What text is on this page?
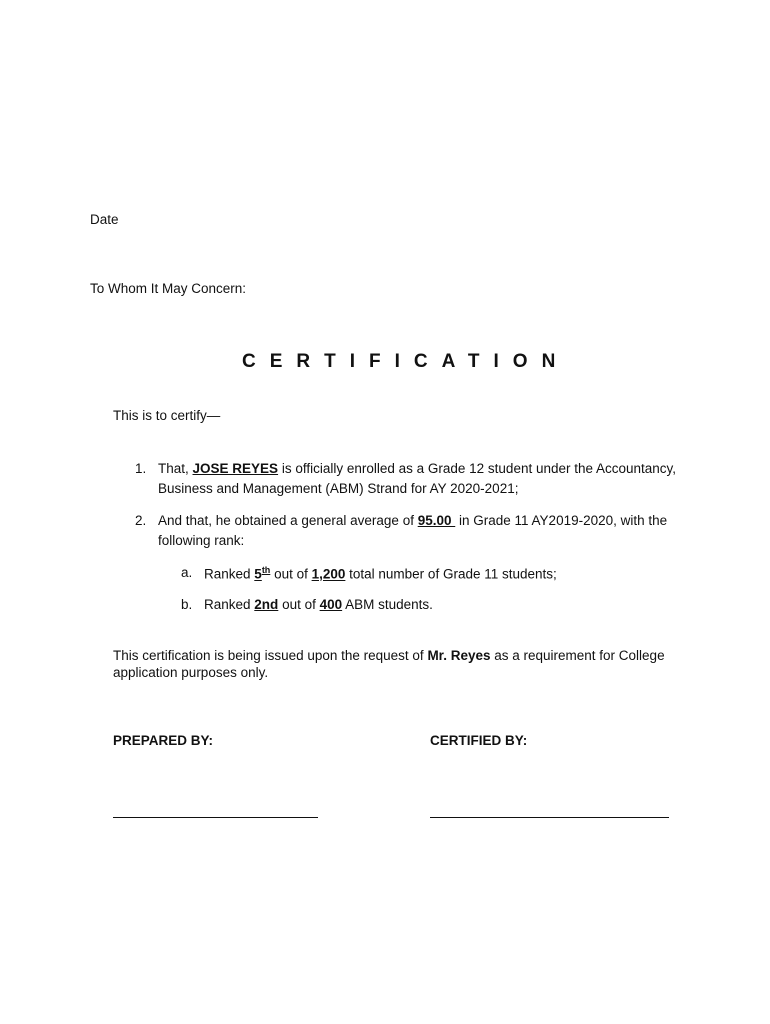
Date
To Whom It May Concern:
CERTIFICATION
This is to certify—
1. That, JOSE REYES is officially enrolled as a Grade 12 student under the Accountancy,
Business and Management (ABM) Strand for AY 2020-2021;
2. And that, he obtained a general average of 95.00  in Grade 11 AY2019-2020, with the
following rank:
a. Ranked 5th out of 1,200 total number of Grade 11 students;
b. Ranked 2nd out of 400 ABM students.
This certification is being issued upon the request of Mr. Reyes as a requirement for College
application purposes only.
PREPARED BY:	CERTIFIED BY:
